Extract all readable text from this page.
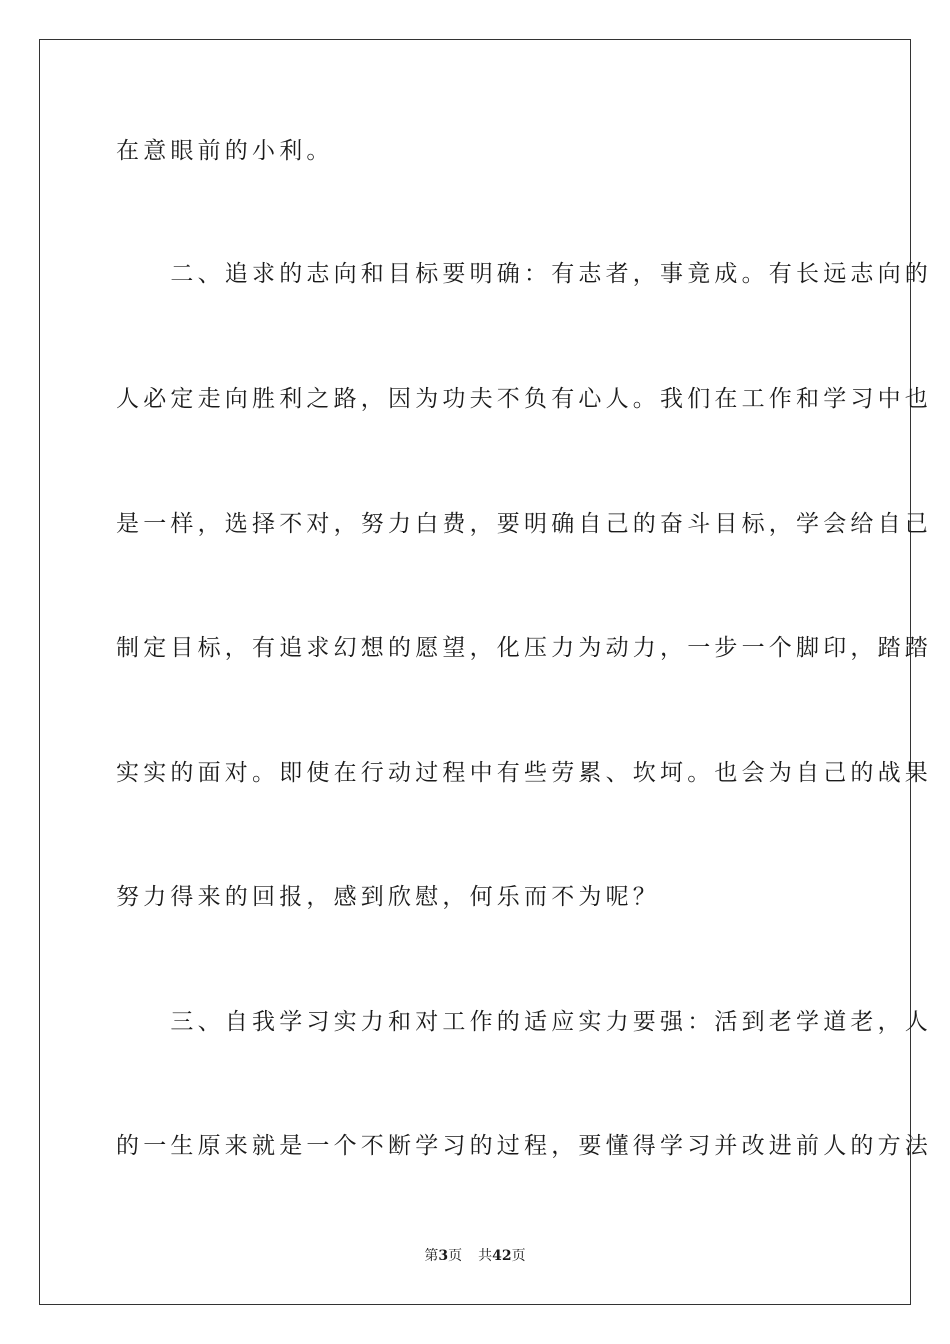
在意眼前的小利。
　　二、追求的志向和目标要明确：有志者，事竟成。有长远志向的
人必定走向胜利之路，因为功夫不负有心人。我们在工作和学习中也
是一样，选择不对，努力白费，要明确自己的奋斗目标，学会给自己
制定目标，有追求幻想的愿望，化压力为动力，一步一个脚印，踏踏
实实的面对。即使在行动过程中有些劳累、坎坷。也会为自己的战果
努力得来的回报，感到欣慰，何乐而不为呢？
　　三、自我学习实力和对工作的适应实力要强：活到老学道老，人
的一生原来就是一个不断学习的过程，要懂得学习并改进前人的方法
第3页 共42页
